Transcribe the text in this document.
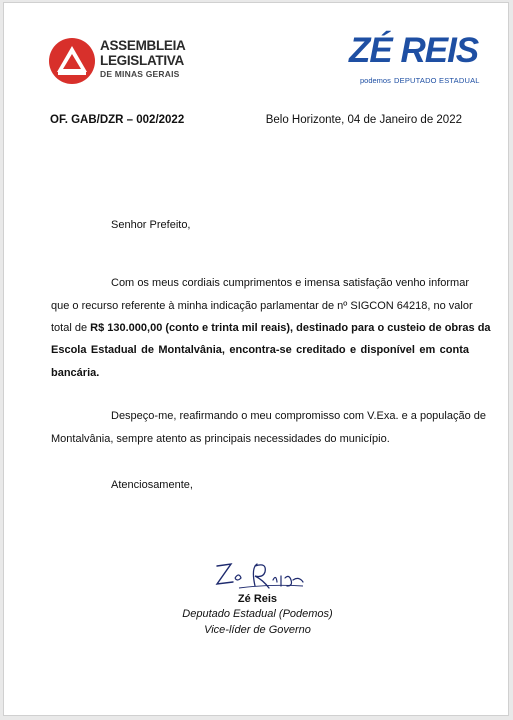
ASSEMBLEIA
LEGISLATIVA
DE MINAS GERAIS
ZÉ REIS
podemos DEPUTADO ESTADUAL
OF. GAB/DZR – 002/2022	Belo Horizonte, 04 de Janeiro de 2022
Senhor Prefeito,
Com os meus cordiais cumprimentos e imensa satisfação venho informar
que o recurso referente à minha indicação parlamentar de nº SIGCON 64218, no valor
total de R$ 130.000,00 (conto e trinta mil reais), destinado para o custeio de obras da
Escola Estadual de Montalvânia, encontra-se creditado e disponível em conta
bancária.
Despeço-me, reafirmando o meu compromisso com V.Exa. e a população de
Montalvânia, sempre atento as principais necessidades do município.
Atenciosamente,
Zé Reis
Deputado Estadual (Podemos)
Vice-líder de Governo
